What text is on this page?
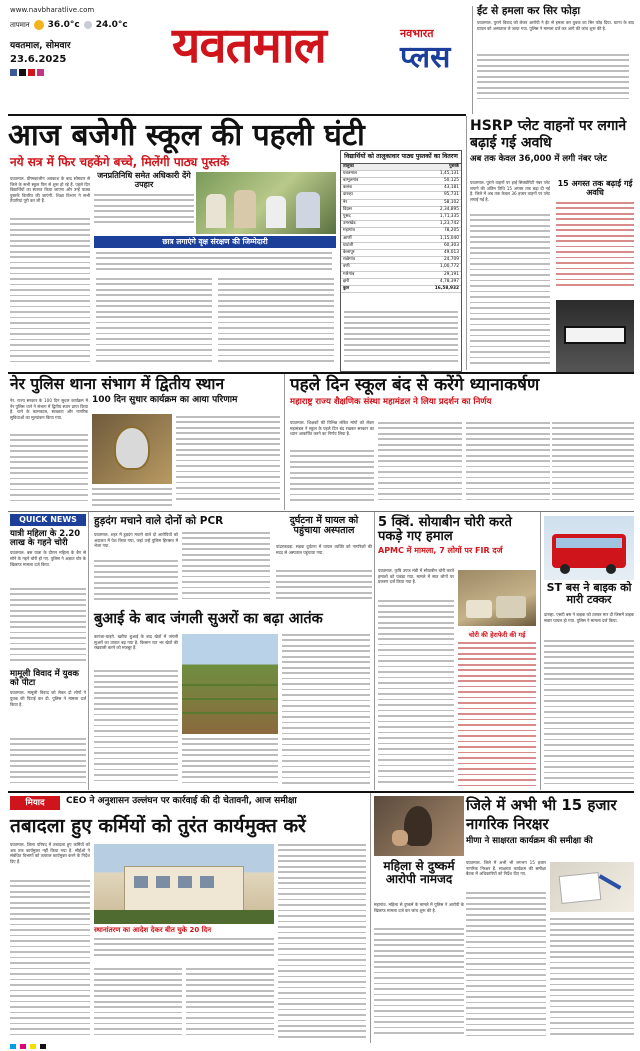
www.navbharatlive.com
तापमान 36.0°c 24.0°c
यवतमाल, सोमवार
23.6.2025	यवतमाल	नवभारत
प्लस
ईंट से हमला कर सिर फोड़ा
यवतमाल. पुराने विवाद को लेकर आरोपी ने ईंट से हमला कर युवक का सिर फोड़ दिया. घटना के बाद घायल को अस्पताल ले जाया गया. पुलिस ने मामला दर्ज कर आगे की जांच शुरू की है.
आज बजेगी स्कूल की पहली घंटी
नये सत्र में फिर चहकेंगे बच्चे, मिलेंगी पाठ्य पुस्तकें
यवतमाल. ग्रीष्मकालीन अवकाश के बाद सोमवार से जिले के सभी स्कूल फिर से शुरू हो रहे हैं. पहले दिन विद्यार्थियों का स्वागत किया जाएगा और उन्हें पाठ्य पुस्तकें वितरित की जाएंगी. शिक्षा विभाग ने सभी तैयारियां पूरी कर ली हैं.
जनप्रतिनिधि समेत अधिकारी देंगे उपहार
छात्र लगाएंगे वृक्ष संरक्षण की जिम्मेदारी
विद्यार्थियों को तालुकावार पाठ्य पुस्तकों का वितरण
तालुका	पुस्तकें
यवतमाल	1,45,131
बाभूलगांव	50,125
कलंब	43,181
दारव्हा	95,731
नेर	58,102
दिग्रस	2,34,895
पुसद	1,71,335
उमरखेड	1,23,742
महागांव	78,205
आर्णी	1,15,040
घाटंजी	60,303
केलापुर	49,013
राळेगांव	24,709
वणी	1,00,772
मारेगांव	29,191
झरी	4,78,397
कुल	16,58,932
HSRP प्लेट वाहनों पर लगाने बढ़ाई गई अवधि
अब तक केवल 36,000 में लगी नंबर प्लेट
यवतमाल. पुराने वाहनों पर हाई सिक्योरिटी नंबर प्लेट लगाने की अंतिम तिथि 15 अगस्त तक बढ़ा दी गई है. जिले में अब तक केवल 36 हजार वाहनों पर प्लेट लगाई गई है.
15 अगस्त तक बढ़ाई गई अवधि
नेर पुलिस थाना संभाग में द्वितीय स्थान
नेर. राज्य सरकार के 100 दिन सुधार कार्यक्रम में नेर पुलिस थाने ने संभाग में द्वितीय स्थान प्राप्त किया है. थाने के कामकाज, स्वच्छता और नागरिक सुविधाओं का मूल्यांकन किया गया.
100 दिन सुधार कार्यक्रम का आया परिणाम
पहले दिन स्कूल बंद से करेंगे ध्यानाकर्षण
महाराष्ट्र राज्य शैक्षणिक संस्था महामंडल ने लिया प्रदर्शन का निर्णय
यवतमाल. शिक्षकों की विभिन्न लंबित मांगों को लेकर महामंडल ने स्कूल के पहले दिन बंद रखकर सरकार का ध्यान आकर्षित करने का निर्णय लिया है.
QUICK NEWS
यात्री महिला के 2.20 लाख के गहने चोरी
यवतमाल. बस यात्रा के दौरान महिला के बैग से सोने के गहने चोरी हो गए. पुलिस ने अज्ञात चोर के खिलाफ मामला दर्ज किया.
मामूली विवाद में युवक को पीटा
यवतमाल. मामूली विवाद को लेकर दो लोगों ने युवक की पिटाई कर दी. पुलिस ने मामला दर्ज किया है.
हुड़दंग मचाने वाले दोनों को PCR
यवतमाल. शहर में हुड़दंग मचाने वाले दो आरोपियों को अदालत में पेश किया गया, जहां उन्हें पुलिस हिरासत में भेजा गया.
दुर्घटना में घायल को पहुंचाया अस्पताल
पांढरकवड़ा. सड़क दुर्घटना में घायल व्यक्ति को नागरिकों की मदद से अस्पताल पहुंचाया गया.
बुआई के बाद जंगली सुअरों का बढ़ा आतंक
कारंजा-घाड़गे. खरीफ बुआई के बाद खेतों में जंगली सुअरों का उत्पात बढ़ गया है. किसान रात भर खेतों की रखवाली करने को मजबूर हैं.
5 क्विं. सोयाबीन चोरी करते पकड़े गए हमाल
APMC में मामला, 7 लोगों पर FIR दर्ज
यवतमाल. कृषि उपज मंडी में सोयाबीन चोरी करते हमालों को पकड़ा गया. मामले में सात लोगों पर प्रकरण दर्ज किया गया है.
चोरी की हेराफेरी की गई
ST बस ने बाइक को मारी टक्कर
दारव्हा. एसटी बस ने बाइक को टक्कर मार दी जिसमें बाइक सवार घायल हो गया. पुलिस ने मामला दर्ज किया.
मियाद	CEO ने अनुशासन उल्लंघन पर कार्रवाई की दी चेतावनी, आज समीक्षा
तबादला हुए कर्मियों को तुरंत कार्यमुक्त करें
यवतमाल. जिला परिषद में तबादला हुए कर्मियों को अब तक कार्यमुक्त नहीं किया गया है. सीईओ ने संबंधित विभागों को तत्काल कार्यमुक्त करने के निर्देश दिए हैं.
स्थानांतरण का आदेश देकर बीत चुके 20 दिन
महिला से दुष्कर्म आरोपी नामजद
महागांव. महिला से दुष्कर्म के मामले में पुलिस ने आरोपी के खिलाफ मामला दर्ज कर जांच शुरू की है.
जिले में अभी भी 15 हजार नागरिक निरक्षर
मीणा ने साक्षरता कार्यक्रम की समीक्षा की
यवतमाल. जिले में अभी भी लगभग 15 हजार नागरिक निरक्षर हैं. साक्षरता कार्यक्रम की समीक्षा बैठक में अधिकारियों को निर्देश दिए गए.
